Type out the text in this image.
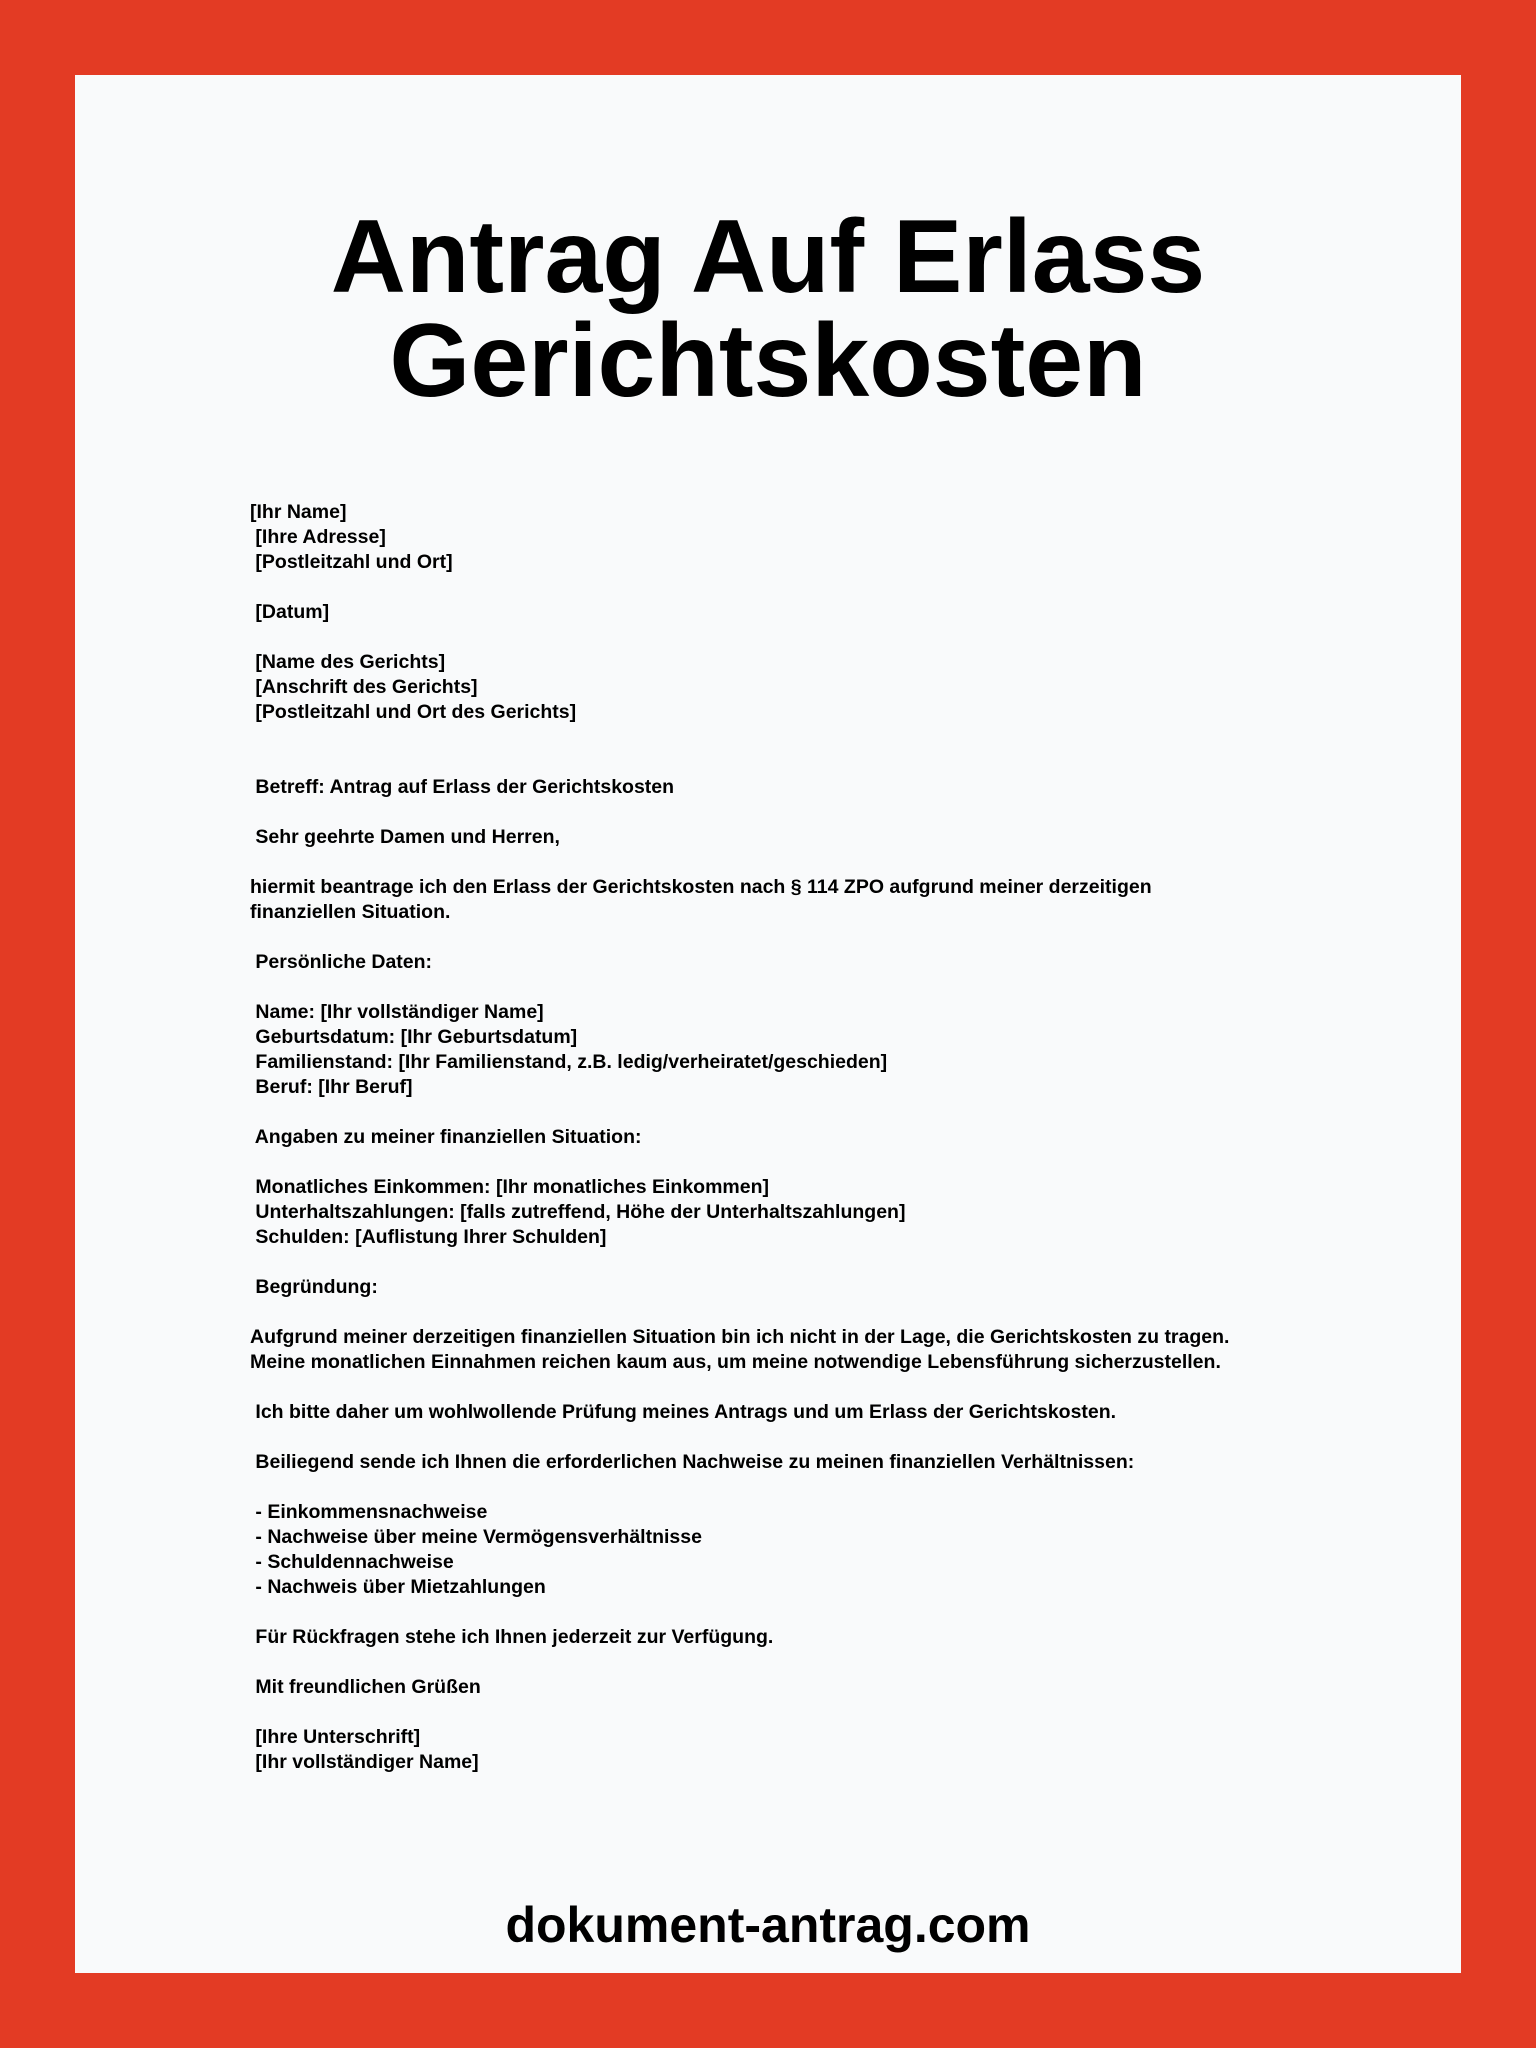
Antrag Auf Erlass
Gerichtskosten
[Ihr Name]
[Ihre Adresse]
[Postleitzahl und Ort]
[Datum]
[Name des Gerichts]
[Anschrift des Gerichts]
[Postleitzahl und Ort des Gerichts]
Betreff: Antrag auf Erlass der Gerichtskosten
Sehr geehrte Damen und Herren,
hiermit beantrage ich den Erlass der Gerichtskosten nach § 114 ZPO aufgrund meiner derzeitigen
finanziellen Situation.
Persönliche Daten:
Name: [Ihr vollständiger Name]
Geburtsdatum: [Ihr Geburtsdatum]
Familienstand: [Ihr Familienstand, z.B. ledig/verheiratet/geschieden]
Beruf: [Ihr Beruf]
Angaben zu meiner finanziellen Situation:
Monatliches Einkommen: [Ihr monatliches Einkommen]
Unterhaltszahlungen: [falls zutreffend, Höhe der Unterhaltszahlungen]
Schulden: [Auflistung Ihrer Schulden]
Begründung:
Aufgrund meiner derzeitigen finanziellen Situation bin ich nicht in der Lage, die Gerichtskosten zu tragen.
Meine monatlichen Einnahmen reichen kaum aus, um meine notwendige Lebensführung sicherzustellen.
Ich bitte daher um wohlwollende Prüfung meines Antrags und um Erlass der Gerichtskosten.
Beiliegend sende ich Ihnen die erforderlichen Nachweise zu meinen finanziellen Verhältnissen:
- Einkommensnachweise
- Nachweise über meine Vermögensverhältnisse
- Schuldennachweise
- Nachweis über Mietzahlungen
Für Rückfragen stehe ich Ihnen jederzeit zur Verfügung.
Mit freundlichen Grüßen
[Ihre Unterschrift]
[Ihr vollständiger Name]
dokument-antrag.com
